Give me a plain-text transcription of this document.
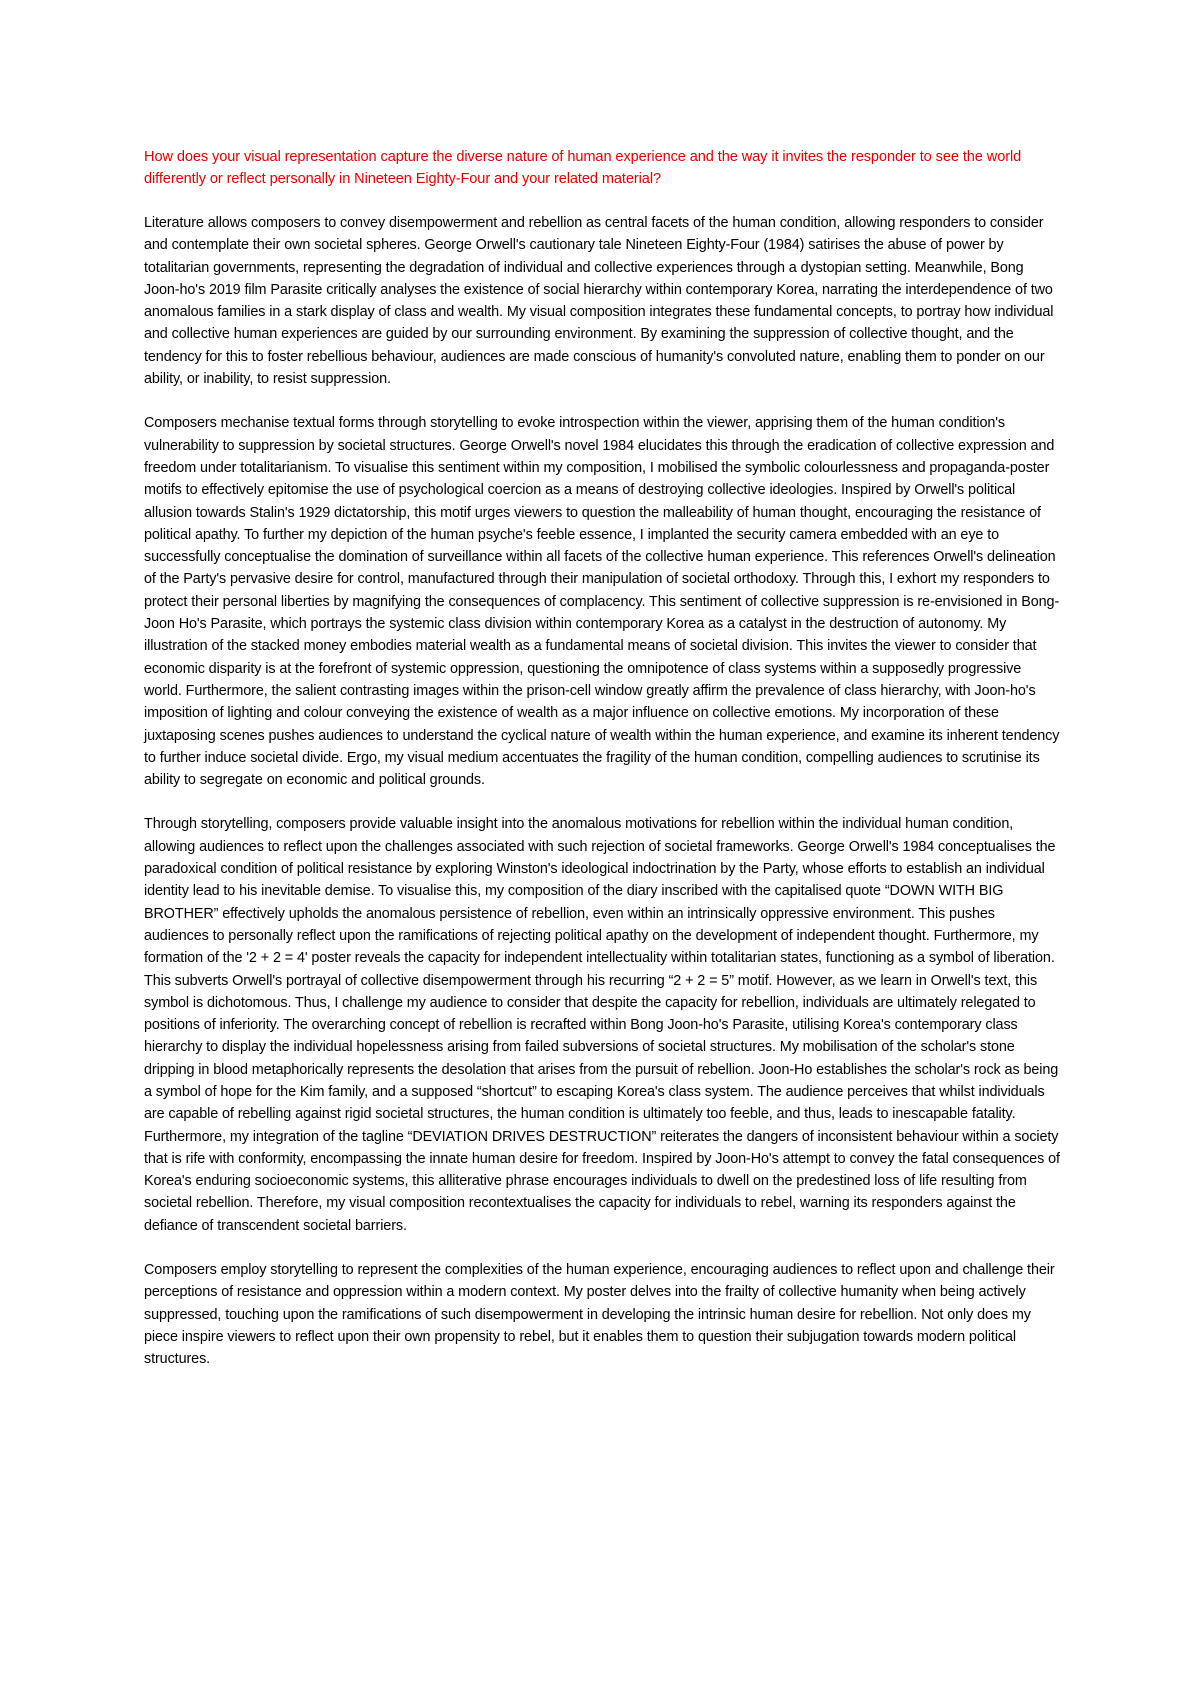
How does your visual representation capture the diverse nature of human experience and the way it invites the responder to see the world differently or reflect personally in Nineteen Eighty-Four and your related material?

Literature allows composers to convey disempowerment and rebellion as central facets of the human condition, allowing responders to consider and contemplate their own societal spheres. George Orwell's cautionary tale Nineteen Eighty-Four (1984) satirises the abuse of power by totalitarian governments, representing the degradation of individual and collective experiences through a dystopian setting. Meanwhile, Bong Joon-ho's 2019 film Parasite critically analyses the existence of social hierarchy within contemporary Korea, narrating the interdependence of two anomalous families in a stark display of class and wealth. My visual composition integrates these fundamental concepts, to portray how individual and collective human experiences are guided by our surrounding environment. By examining the suppression of collective thought, and the tendency for this to foster rebellious behaviour, audiences are made conscious of humanity's convoluted nature, enabling them to ponder on our ability, or inability, to resist suppression.

Composers mechanise textual forms through storytelling to evoke introspection within the viewer, apprising them of the human condition's vulnerability to suppression by societal structures. George Orwell's novel 1984 elucidates this through the eradication of collective expression and freedom under totalitarianism. To visualise this sentiment within my composition, I mobilised the symbolic colourlessness and propaganda-poster motifs to effectively epitomise the use of psychological coercion as a means of destroying collective ideologies. Inspired by Orwell's political allusion towards Stalin's 1929 dictatorship, this motif urges viewers to question the malleability of human thought, encouraging the resistance of political apathy. To further my depiction of the human psyche's feeble essence, I implanted the security camera embedded with an eye to successfully conceptualise the domination of surveillance within all facets of the collective human experience. This references Orwell's delineation of the Party's pervasive desire for control, manufactured through their manipulation of societal orthodoxy. Through this, I exhort my responders to protect their personal liberties by magnifying the consequences of complacency. This sentiment of collective suppression is re-envisioned in Bong-Joon Ho's Parasite, which portrays the systemic class division within contemporary Korea as a catalyst in the destruction of autonomy. My illustration of the stacked money embodies material wealth as a fundamental means of societal division. This invites the viewer to consider that economic disparity is at the forefront of systemic oppression, questioning the omnipotence of class systems within a supposedly progressive world. Furthermore, the salient contrasting images within the prison-cell window greatly affirm the prevalence of class hierarchy, with Joon-ho's imposition of lighting and colour conveying the existence of wealth as a major influence on collective emotions. My incorporation of these juxtaposing scenes pushes audiences to understand the cyclical nature of wealth within the human experience, and examine its inherent tendency to further induce societal divide. Ergo, my visual medium accentuates the fragility of the human condition, compelling audiences to scrutinise its ability to segregate on economic and political grounds.

Through storytelling, composers provide valuable insight into the anomalous motivations for rebellion within the individual human condition, allowing audiences to reflect upon the challenges associated with such rejection of societal frameworks. George Orwell's 1984 conceptualises the paradoxical condition of political resistance by exploring Winston's ideological indoctrination by the Party, whose efforts to establish an individual identity lead to his inevitable demise. To visualise this, my composition of the diary inscribed with the capitalised quote “DOWN WITH BIG BROTHER” effectively upholds the anomalous persistence of rebellion, even within an intrinsically oppressive environment. This pushes audiences to personally reflect upon the ramifications of rejecting political apathy on the development of independent thought. Furthermore, my formation of the '2 + 2 = 4' poster reveals the capacity for independent intellectuality within totalitarian states, functioning as a symbol of liberation. This subverts Orwell's portrayal of collective disempowerment through his recurring “2 + 2 = 5” motif. However, as we learn in Orwell's text, this symbol is dichotomous. Thus, I challenge my audience to consider that despite the capacity for rebellion, individuals are ultimately relegated to positions of inferiority. The overarching concept of rebellion is recrafted within Bong Joon-ho's Parasite, utilising Korea's contemporary class hierarchy to display the individual hopelessness arising from failed subversions of societal structures. My mobilisation of the scholar's stone dripping in blood metaphorically represents the desolation that arises from the pursuit of rebellion. Joon-Ho establishes the scholar's rock as being a symbol of hope for the Kim family, and a supposed “shortcut” to escaping Korea's class system. The audience perceives that whilst individuals are capable of rebelling against rigid societal structures, the human condition is ultimately too feeble, and thus, leads to inescapable fatality. Furthermore, my integration of the tagline “DEVIATION DRIVES DESTRUCTION” reiterates the dangers of inconsistent behaviour within a society that is rife with conformity, encompassing the innate human desire for freedom. Inspired by Joon-Ho's attempt to convey the fatal consequences of Korea's enduring socioeconomic systems, this alliterative phrase encourages individuals to dwell on the predestined loss of life resulting from societal rebellion. Therefore, my visual composition recontextualises the capacity for individuals to rebel, warning its responders against the defiance of transcendent societal barriers.

Composers employ storytelling to represent the complexities of the human experience, encouraging audiences to reflect upon and challenge their perceptions of resistance and oppression within a modern context. My poster delves into the frailty of collective humanity when being actively suppressed, touching upon the ramifications of such disempowerment in developing the intrinsic human desire for rebellion. Not only does my piece inspire viewers to reflect upon their own propensity to rebel, but it enables them to question their subjugation towards modern political structures.
